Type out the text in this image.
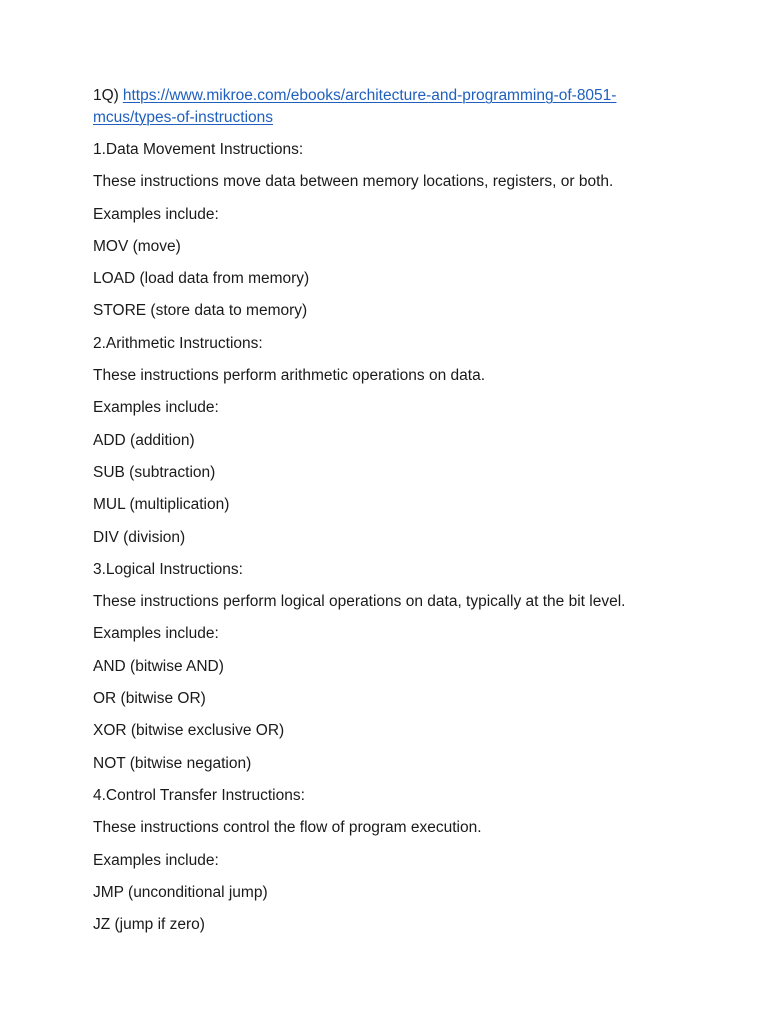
1Q) https://www.mikroe.com/ebooks/architecture-and-programming-of-8051-mcus/types-of-instructions

1.Data Movement Instructions:

These instructions move data between memory locations, registers, or both.

Examples include:

MOV (move)

LOAD (load data from memory)

STORE (store data to memory)

2.Arithmetic Instructions:

These instructions perform arithmetic operations on data.

Examples include:

ADD (addition)

SUB (subtraction)

MUL (multiplication)

DIV (division)

3.Logical Instructions:

These instructions perform logical operations on data, typically at the bit level.

Examples include:

AND (bitwise AND)

OR (bitwise OR)

XOR (bitwise exclusive OR)

NOT (bitwise negation)

4.Control Transfer Instructions:

These instructions control the flow of program execution.

Examples include:

JMP (unconditional jump)

JZ (jump if zero)
